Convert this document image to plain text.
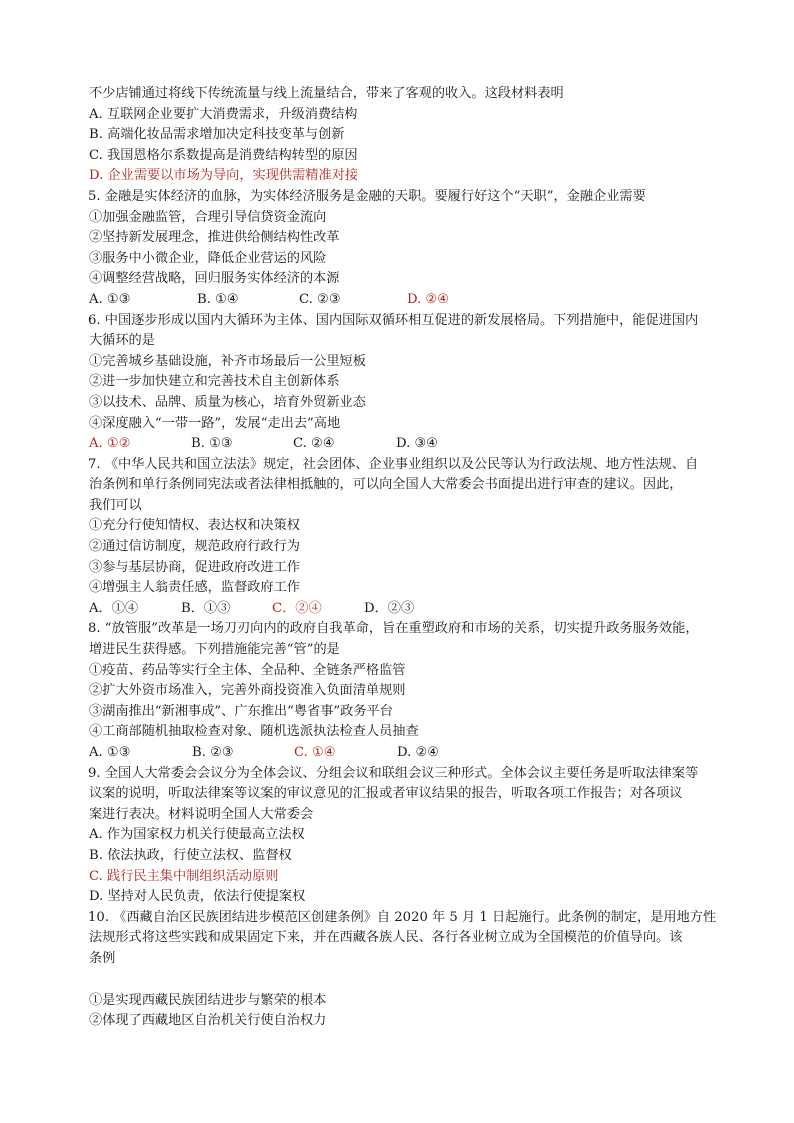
不少店铺通过将线下传统流量与线上流量结合，带来了客观的收入。这段材料表明
A. 互联网企业要扩大消费需求，升级消费结构
B. 高端化妆品需求增加决定科技变革与创新
C. 我国恩格尔系数提高是消费结构转型的原因
D. 企业需要以市场为导向，实现供需精准对接
5. 金融是实体经济的血脉，为实体经济服务是金融的天职。要履行好这个“天职”，金融企业需要
①加强金融监管，合理引导信贷资金流向
②坚持新发展理念，推进供给侧结构性改革
③服务中小微企业，降低企业营运的风险
④调整经营战略，回归服务实体经济的本源
A. ①③	B. ①④	C. ②③	D. ②④
6. 中国逐步形成以国内大循环为主体、国内国际双循环相互促进的新发展格局。下列措施中，能促进国内
大循环的是
①完善城乡基础设施，补齐市场最后一公里短板
②进一步加快建立和完善技术自主创新体系
③以技术、品牌、质量为核心，培育外贸新业态
④深度融入“一带一路”，发展“走出去”高地
A. ①②	B. ①③	C. ②④	D. ③④
7. 《中华人民共和国立法法》规定，社会团体、企业事业组织以及公民等认为行政法规、地方性法规、自
治条例和单行条例同宪法或者法律相抵触的，可以向全国人大常委会书面提出进行审查的建议。因此，
我们可以
①充分行使知情权、表达权和决策权
②通过信访制度，规范政府行政行为
③参与基层协商，促进政府改进工作
④增强主人翁责任感，监督政府工作
A．①④	B．①③	C．②④	D．②③
8. “放管服”改革是一场刀刃向内的政府自我革命，旨在重塑政府和市场的关系，切实提升政务服务效能，
增进民生获得感。下列措施能完善“管”的是
①疫苗、药品等实行全主体、全品种、全链条严格监管
②扩大外资市场准入，完善外商投资准入负面清单规则
③湖南推出“新湘事成”、广东推出“粤省事”政务平台
④工商部随机抽取检查对象、随机选派执法检查人员抽查
A. ①③	B. ②③	C. ①④	D. ②④
9. 全国人大常委会会议分为全体会议、分组会议和联组会议三种形式。全体会议主要任务是听取法律案等
议案的说明，听取法律案等议案的审议意见的汇报或者审议结果的报告，听取各项工作报告；对各项议
案进行表决。材料说明全国人大常委会
A. 作为国家权力机关行使最高立法权
B. 依法执政，行使立法权、监督权
C. 践行民主集中制组织活动原则
D. 坚持对人民负责，依法行使提案权
10. 《西藏自治区民族团结进步模范区创建条例》自 2020 年 5 月 1 日起施行。此条例的制定，是用地方性
法规形式将这些实践和成果固定下来，并在西藏各族人民、各行各业树立成为全国模范的价值导向。该
条例
①是实现西藏民族团结进步与繁荣的根本
②体现了西藏地区自治机关行使自治权力
